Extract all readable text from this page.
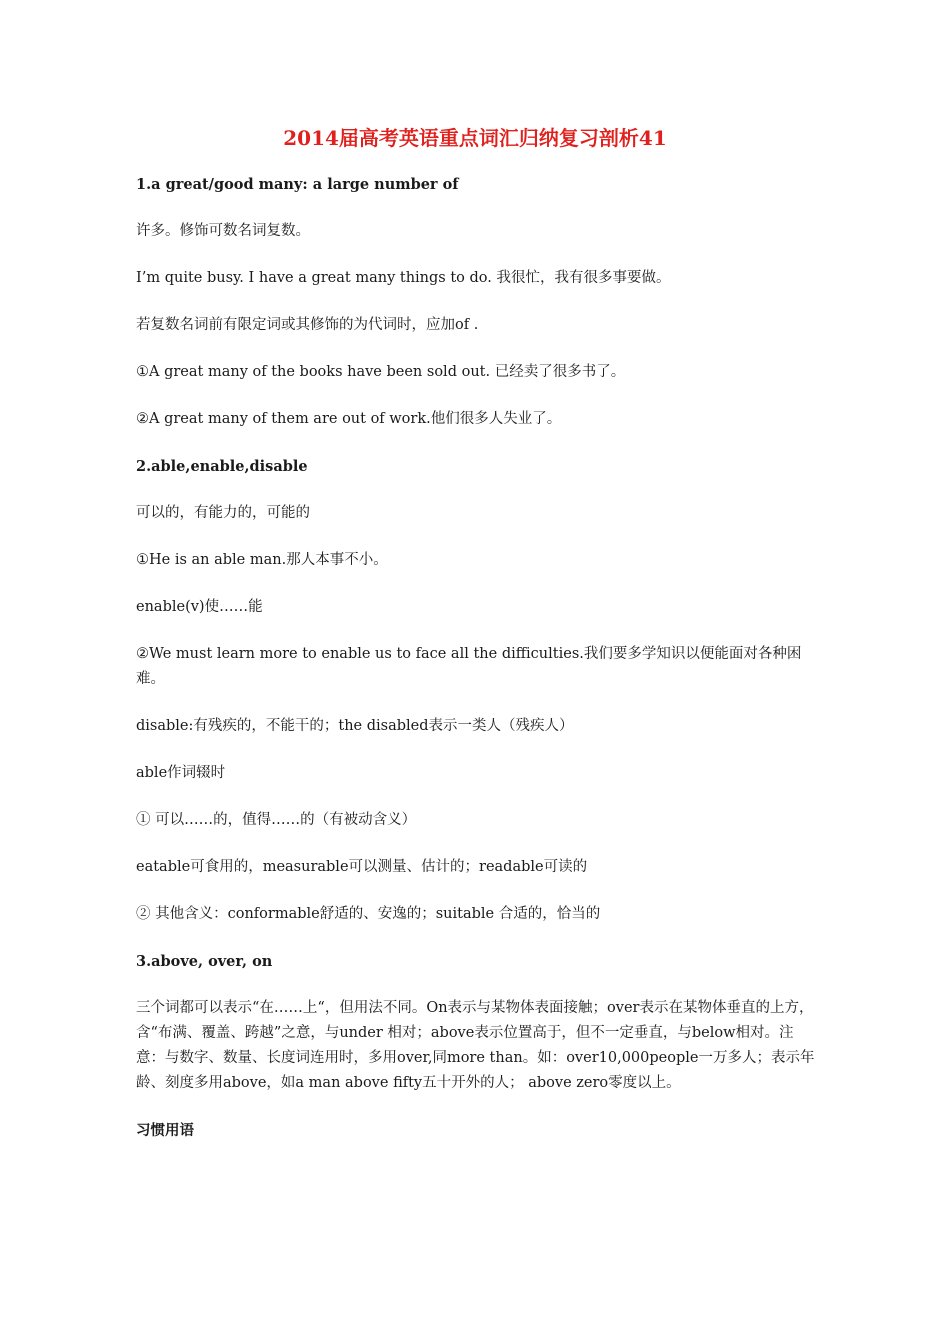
2014届高考英语重点词汇归纳复习剖析41
1.a great/good many: a large number of
许多。修饰可数名词复数。
I’m quite busy. I have a great many things to do. 我很忙，我有很多事要做。
若复数名词前有限定词或其修饰的为代词时，应加of .
①A great many of the books have been sold out. 已经卖了很多书了。
②A great many of them are out of work.他们很多人失业了。
2.able,enable,disable
可以的，有能力的，可能的
①He is an able man.那人本事不小。
enable(v)使……能
②We must learn more to enable us to face all the difficulties.我们要多学知识以便能面对各种困难。
disable:有残疾的，不能干的；the disabled表示一类人（残疾人）
able作词辍时
① 可以……的，值得……的（有被动含义）
eatable可食用的，measurable可以测量、估计的；readable可读的
② 其他含义：conformable舒适的、安逸的；suitable 合适的，恰当的
3.above, over, on
三个词都可以表示“在……上“，但用法不同。On表示与某物体表面接触；over表示在某物体垂直的上方，含“布满、覆盖、跨越”之意，与under 相对；above表示位置高于，但不一定垂直，与below相对。注意：与数字、数量、长度词连用时，多用over,同more than。如：over10,000people一万多人；表示年龄、刻度多用above，如a man above fifty五十开外的人； above zero零度以上。
习惯用语
